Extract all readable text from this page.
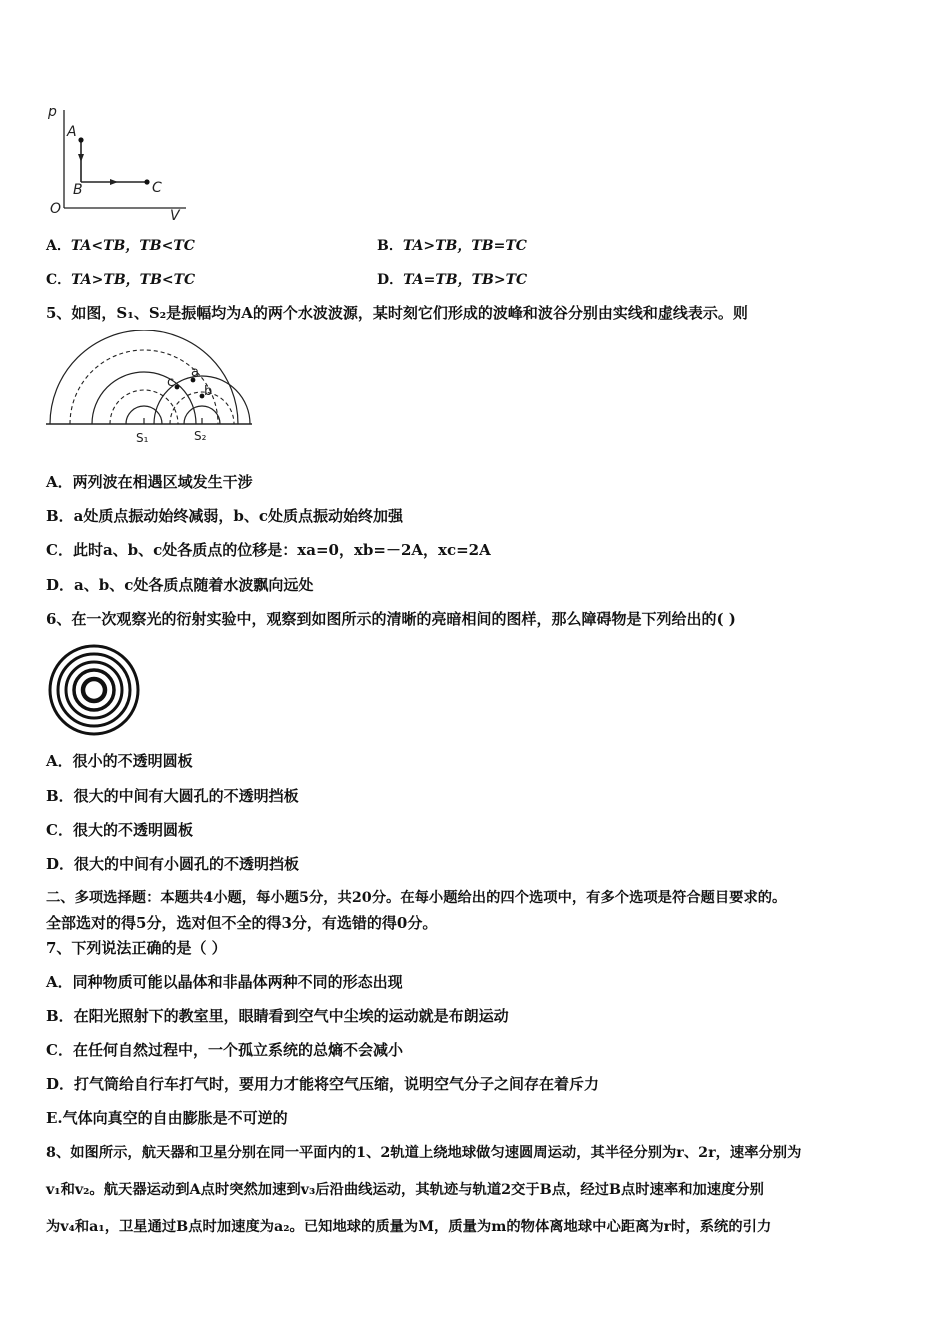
p
V
O
A
B	C
A．TA<TB，TB<TC	B．TA>TB，TB=TC
C．TA>TB，TB<TC	D．TA=TB，TB>TC
5、如图，S₁、S₂是振幅均为A的两个水波波源，某时刻它们形成的波峰和波谷分别由实线和虚线表示。则
a
c
b
S₁	S₂
A．两列波在相遇区域发生干涉
B．a处质点振动始终减弱，b、c处质点振动始终加强
C．此时a、b、c处各质点的位移是：xa=0，xb=－2A，xc=2A
D．a、b、c处各质点随着水波飘向远处
6、在一次观察光的衍射实验中，观察到如图所示的清晰的亮暗相间的图样，那么障碍物是下列给出的( )
A．很小的不透明圆板
B．很大的中间有大圆孔的不透明挡板
C．很大的不透明圆板
D．很大的中间有小圆孔的不透明挡板
二、多项选择题：本题共4小题，每小题5分，共20分。在每小题给出的四个选项中，有多个选项是符合题目要求的。
全部选对的得5分，选对但不全的得3分，有选错的得0分。
7、下列说法正确的是（ ）
A．同种物质可能以晶体和非晶体两种不同的形态出现
B．在阳光照射下的教室里，眼睛看到空气中尘埃的运动就是布朗运动
C．在任何自然过程中，一个孤立系统的总熵不会减小
D．打气筒给自行车打气时，要用力才能将空气压缩，说明空气分子之间存在着斥力
E.气体向真空的自由膨胀是不可逆的
8、如图所示，航天器和卫星分别在同一平面内的1、2轨道上绕地球做匀速圆周运动，其半径分别为r、2r，速率分别为
v₁和v₂。航天器运动到A点时突然加速到v₃后沿曲线运动，其轨迹与轨道2交于B点，经过B点时速率和加速度分别
为v₄和a₁，卫星通过B点时加速度为a₂。已知地球的质量为M，质量为m的物体离地球中心距离为r时，系统的引力
